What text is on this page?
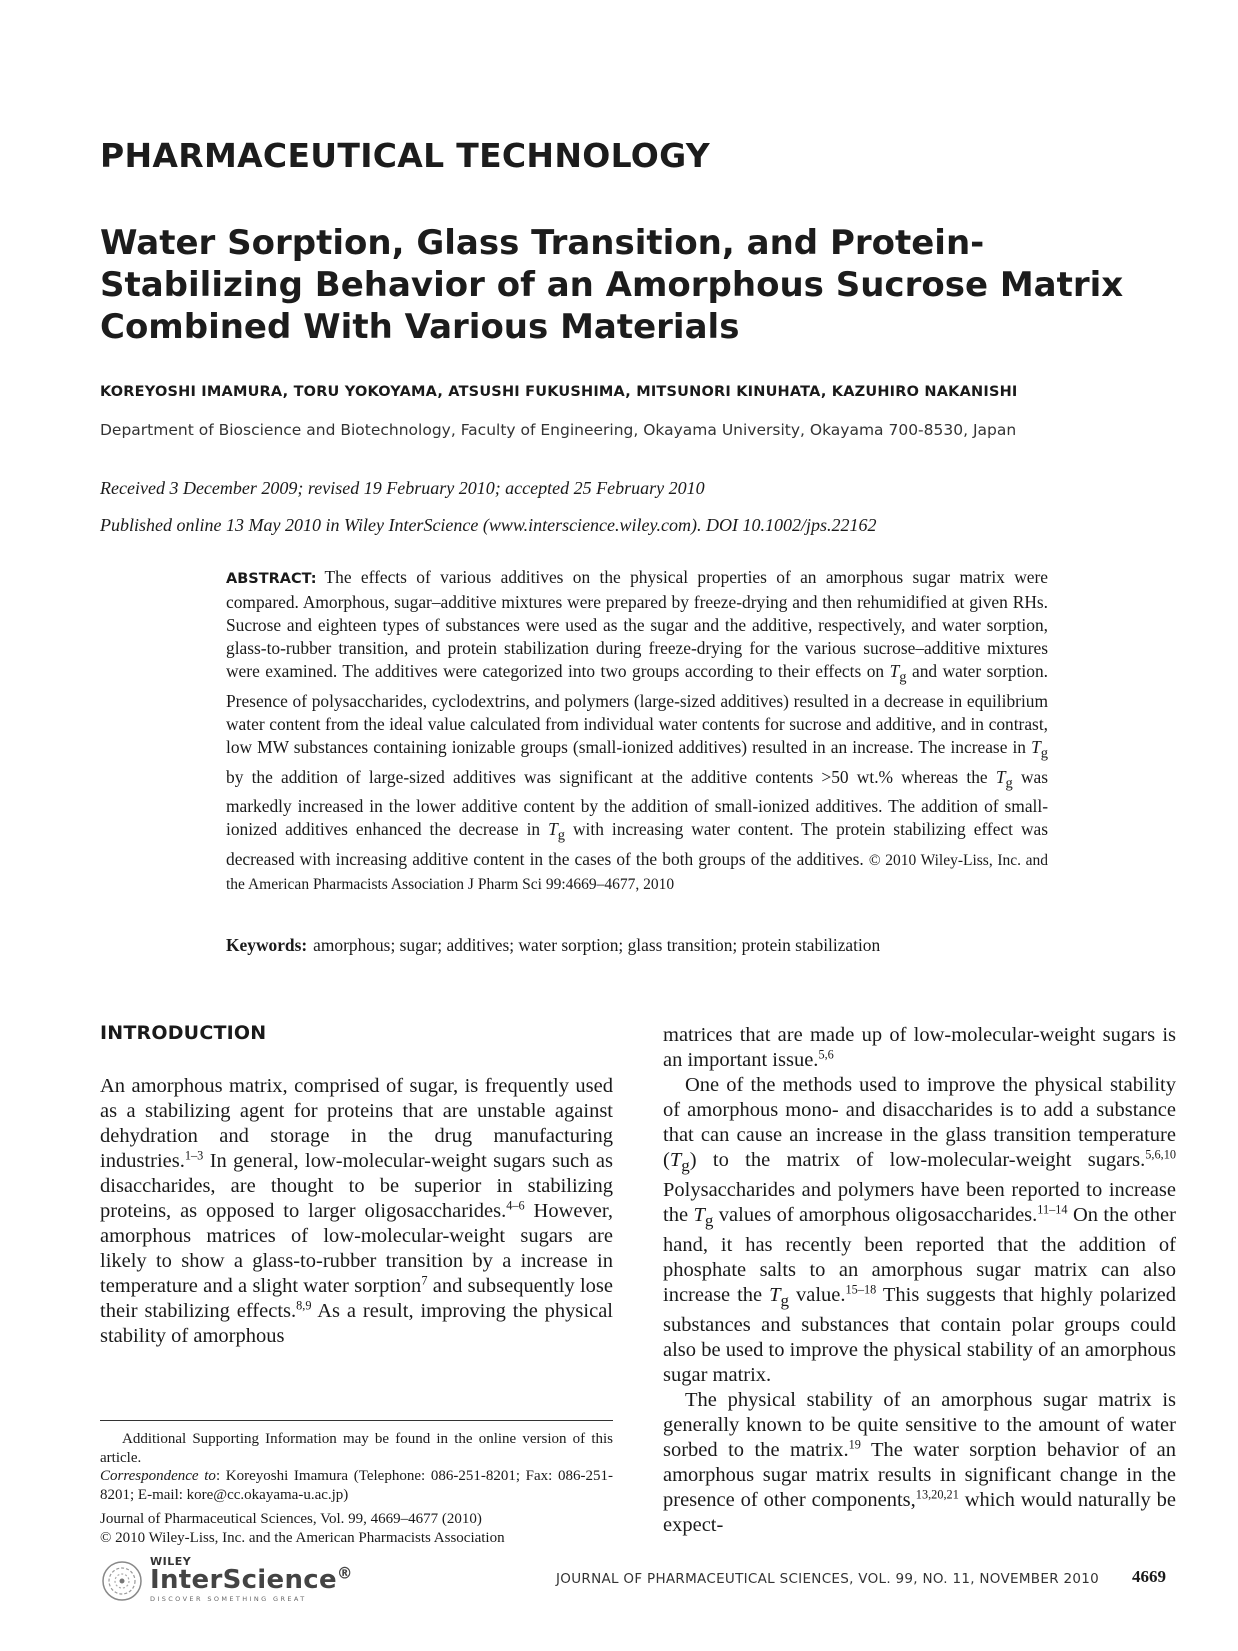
PHARMACEUTICAL TECHNOLOGY
Water Sorption, Glass Transition, and Protein-Stabilizing Behavior of an Amorphous Sucrose Matrix Combined With Various Materials
KOREYOSHI IMAMURA, TORU YOKOYAMA, ATSUSHI FUKUSHIMA, MITSUNORI KINUHATA, KAZUHIRO NAKANISHI
Department of Bioscience and Biotechnology, Faculty of Engineering, Okayama University, Okayama 700-8530, Japan
Received 3 December 2009; revised 19 February 2010; accepted 25 February 2010
Published online 13 May 2010 in Wiley InterScience (www.interscience.wiley.com). DOI 10.1002/jps.22162
ABSTRACT: The effects of various additives on the physical properties of an amorphous sugar matrix were compared. Amorphous, sugar–additive mixtures were prepared by freeze-drying and then rehumidified at given RHs. Sucrose and eighteen types of substances were used as the sugar and the additive, respectively, and water sorption, glass-to-rubber transition, and protein stabilization during freeze-drying for the various sucrose–additive mixtures were examined. The additives were categorized into two groups according to their effects on $T_g$ and water sorption. Presence of polysaccharides, cyclodextrins, and polymers (large-sized additives) resulted in a decrease in equilibrium water content from the ideal value calculated from individual water contents for sucrose and additive, and in contrast, low MW substances containing ionizable groups (small-ionized additives) resulted in an increase. The increase in $T_g$ by the addition of large-sized additives was significant at the additive contents >50 wt.% whereas the $T_g$ was markedly increased in the lower additive content by the addition of small-ionized additives. The addition of small-ionized additives enhanced the decrease in $T_g$ with increasing water content. The protein stabilizing effect was decreased with increasing additive content in the cases of the both groups of the additives. © 2010 Wiley-Liss, Inc. and the American Pharmacists Association J Pharm Sci 99:4669–4677, 2010
Keywords: amorphous; sugar; additives; water sorption; glass transition; protein stabilization
INTRODUCTION

An amorphous matrix, comprised of sugar, is frequently used as a stabilizing agent for proteins that are unstable against dehydration and storage in the drug manufacturing industries.$^{1-3}$ In general, low-molecular-weight sugars such as disaccharides, are thought to be superior in stabilizing proteins, as opposed to larger oligosaccharides.$^{4-6}$ However, amorphous matrices of low-molecular-weight sugars are likely to show a glass-to-rubber transition by a increase in temperature and a slight water sorption$^7$ and subsequently lose their stabilizing effects.$^{8,9}$ As a result, improving the physical stability of amorphous

matrices that are made up of low-molecular-weight sugars is an important issue.$^{5,6}$

One of the methods used to improve the physical stability of amorphous mono- and disaccharides is to add a substance that can cause an increase in the glass transition temperature $(T_g)$ to the matrix of low-molecular-weight sugars.$^{5,6,10}$ Polysaccharides and polymers have been reported to increase the $T_g$ values of amorphous oligosaccharides.$^{11-14}$ On the other hand, it has recently been reported that the addition of phosphate salts to an amorphous sugar matrix can also increase the $T_g$ value.$^{15-18}$ This suggests that highly polarized substances and substances that contain polar groups could also be used to improve the physical stability of an amorphous sugar matrix.

The physical stability of an amorphous sugar matrix is generally known to be quite sensitive to the amount of water sorbed to the matrix.$^{19}$ The water sorption behavior of an amorphous sugar matrix results in significant change in the presence of other components,$^{13,20,21}$ which would naturally be expect-

Additional Supporting Information may be found in the online version of this article.

Correspondence to: Koreyoshi Imamura (Telephone: 086-251-8201; Fax: 086-251-8201; E-mail: kore@cc.okayama-u.ac.jp)

Journal of Pharmaceutical Sciences, Vol. 99, 4669–4677 (2010)

© 2010 Wiley-Liss, Inc. and the American Pharmacists Association

WILEY
InterScience®
DISCOVER SOMETHING GREAT
JOURNAL OF PHARMACEUTICAL SCIENCES, VOL. 99, NO. 11, NOVEMBER 2010 4669
